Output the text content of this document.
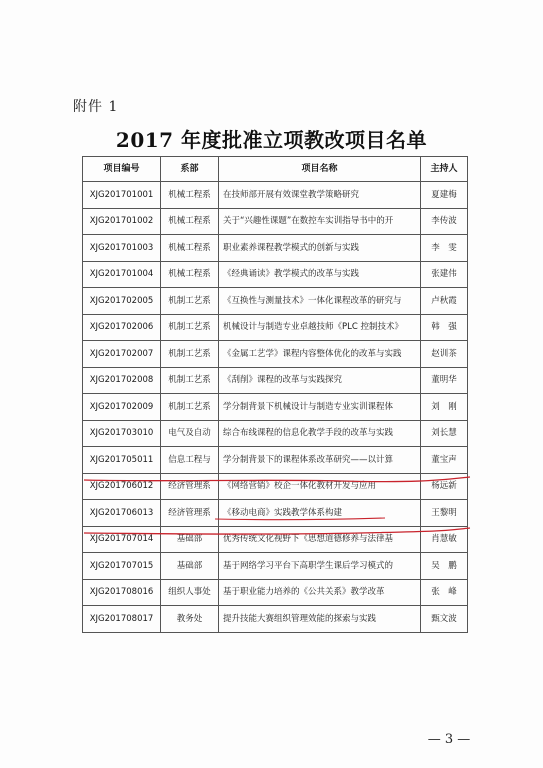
附件 1
2017 年度批准立项教改项目名单
项目编号	系部	项目名称	主持人
XJG201701001	机械工程系	在技师部开展有效课堂教学策略研究	夏建梅
XJG201701002	机械工程系	关于“兴趣性课题”在数控车实训指导书中的开	李传波
XJG201701003	机械工程系	职业素养课程教学模式的创新与实践	李　雯
XJG201701004	机械工程系	《经典诵读》教学模式的改革与实践	张建伟
XJG201702005	机制工艺系	《互换性与测量技术》一体化课程改革的研究与	卢秋霞
XJG201702006	机制工艺系	机械设计与制造专业卓越技师《PLC 控制技术》	韩　强
XJG201702007	机制工艺系	《金属工艺学》课程内容整体优化的改革与实践	赵训茶
XJG201702008	机制工艺系	《刮削》课程的改革与实践探究	董明华
XJG201702009	机制工艺系	学分制背景下机械设计与制造专业实训课程体	刘　刚
XJG201703010	电气及自动	综合布线课程的信息化教学手段的改革与实践	刘长慧
XJG201705011	信息工程与	学分制背景下的课程体系改革研究——以计算	董宝声
XJG201706012	经济管理系	《网络营销》校企一体化教材开发与应用	杨远新
XJG201706013	经济管理系	《移动电商》实践教学体系构建	王黎明
XJG201707014	基础部	优秀传统文化视野下《思想道德修养与法律基	肖慧敏
XJG201707015	基础部	基于网络学习平台下高职学生课后学习模式的	吴　鹏
XJG201708016	组织人事处	基于职业能力培养的《公共关系》教学改革	张　峰
XJG201708017	教务处	提升技能大赛组织管理效能的探索与实践	甄文波
— 3 —
